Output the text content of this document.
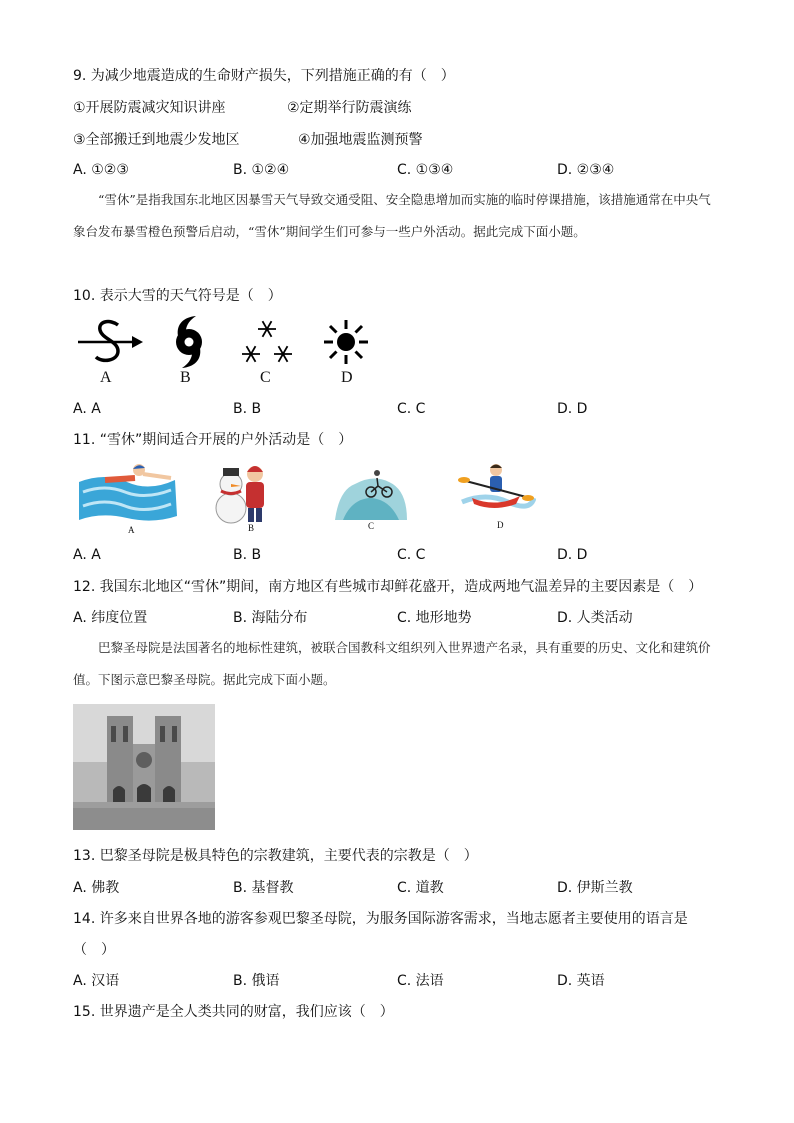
9. 为减少地震造成的生命财产损失，下列措施正确的有（　）
①开展防震减灾知识讲座	②定期举行防震演练
③全部搬迁到地震少发地区	④加强地震监测预警
A. ①②③	B. ①②④	C. ①③④	D. ②③④
“雪休”是指我国东北地区因暴雪天气导致交通受阻、安全隐患增加而实施的临时停课措施，该措施通常在中央气象台发布暴雪橙色预警后启动，“雪休”期间学生们可参与一些户外活动。据此完成下面小题。
10. 表示大雪的天气符号是（　）
A	B	C	D
A. A	B. B	C. C	D. D
11. “雪休”期间适合开展的户外活动是（　）
A	B	C	D
A. A	B. B	C. C	D. D
12. 我国东北地区“雪休”期间，南方地区有些城市却鲜花盛开，造成两地气温差异的主要因素是（　）
A. 纬度位置	B. 海陆分布	C. 地形地势	D. 人类活动
巴黎圣母院是法国著名的地标性建筑，被联合国教科文组织列入世界遗产名录，具有重要的历史、文化和建筑价值。下图示意巴黎圣母院。据此完成下面小题。
13. 巴黎圣母院是极具特色的宗教建筑，主要代表的宗教是（　）
A. 佛教	B. 基督教	C. 道教	D. 伊斯兰教
14. 许多来自世界各地的游客参观巴黎圣母院，为服务国际游客需求，当地志愿者主要使用的语言是
（　）
A. 汉语	B. 俄语	C. 法语	D. 英语
15. 世界遗产是全人类共同的财富，我们应该（　）
